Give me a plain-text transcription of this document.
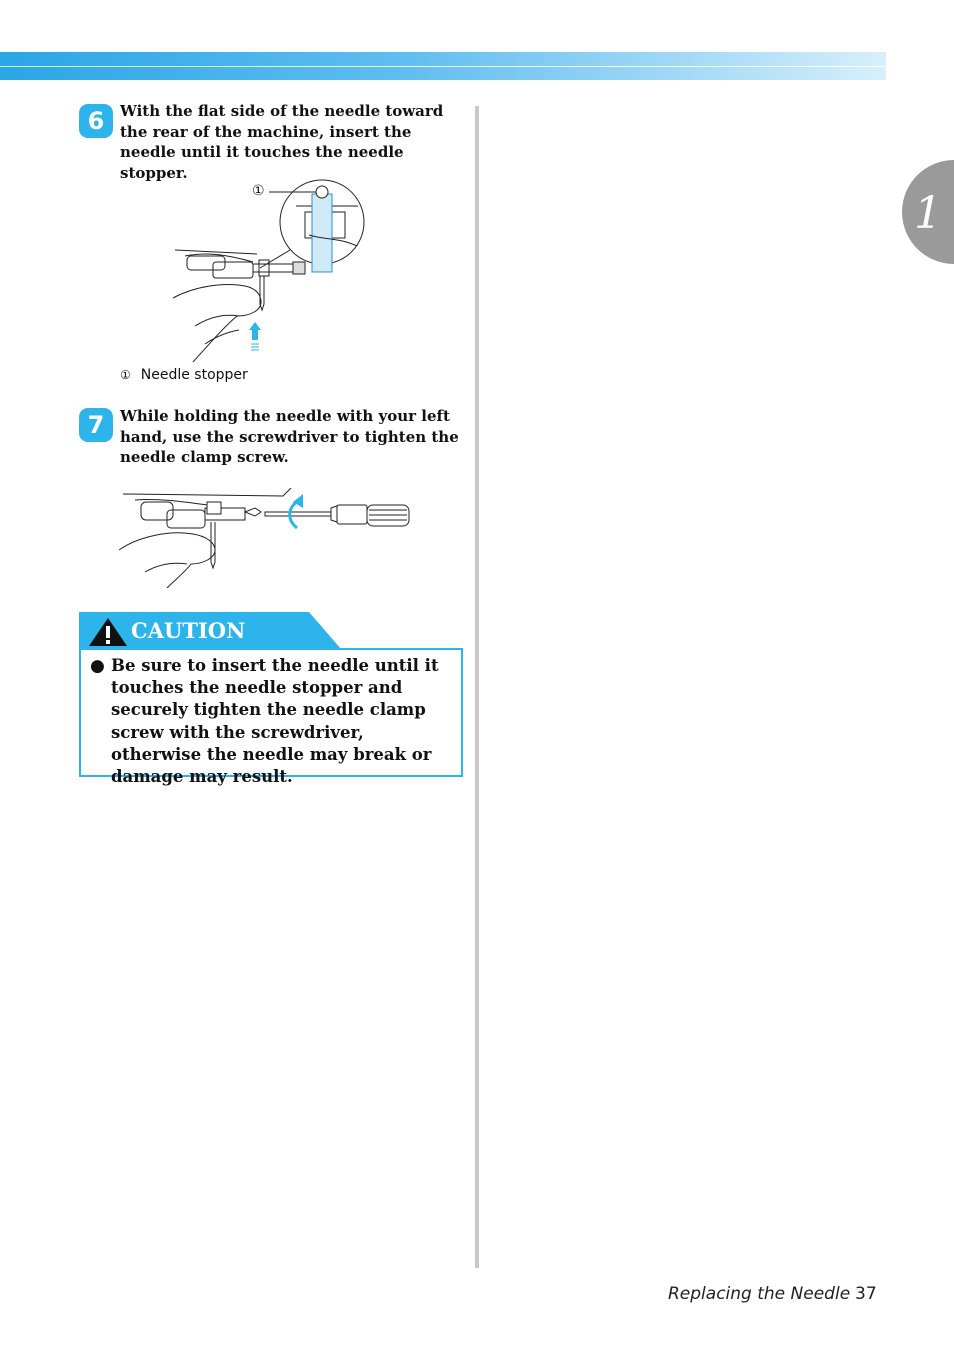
1
6	With the flat side of the needle toward the rear of the machine, insert the needle until it touches the needle stopper.
①
① Needle stopper
7	While holding the needle with your left hand, use the screwdriver to tighten the needle clamp screw.
CAUTION
● Be sure to insert the needle until it touches the needle stopper and securely tighten the needle clamp screw with the screwdriver, otherwise the needle may break or damage may result.
Replacing the Needle 37
